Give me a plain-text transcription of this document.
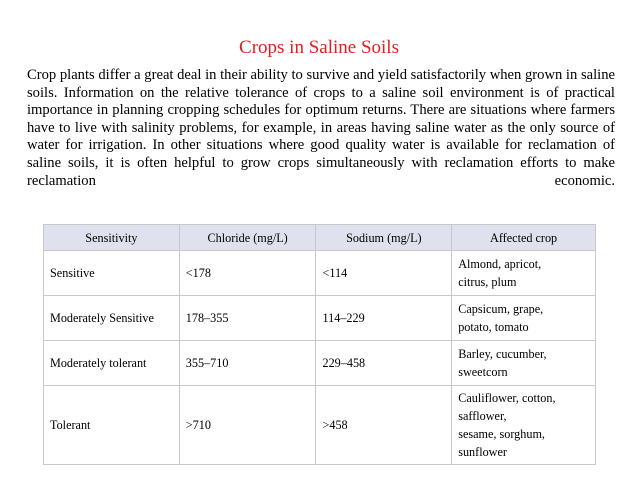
Crops in Saline Soils
Crop plants differ a great deal in their ability to survive and yield satisfactorily when grown in saline soils. Information on the relative tolerance of crops to a saline soil environment is of practical importance in planning cropping schedules for optimum returns. There are situations where farmers have to live with salinity problems, for example, in areas having saline water as the only source of water for irrigation. In other situations where good quality water is available for reclamation of saline soils, it is often helpful to grow crops simultaneously with reclamation efforts to make reclamation economic.
Sensitivity	Chloride (mg/L)	Sodium (mg/L)	Affected crop
Sensitive	<178	<114	Almond, apricot,
citrus, plum
Moderately Sensitive	178–355	114–229	Capsicum, grape,
potato, tomato
Moderately tolerant	355–710	229–458	Barley, cucumber,
sweetcorn
Tolerant	>710	>458	Cauliflower, cotton,
safflower,
sesame, sorghum,
sunflower
